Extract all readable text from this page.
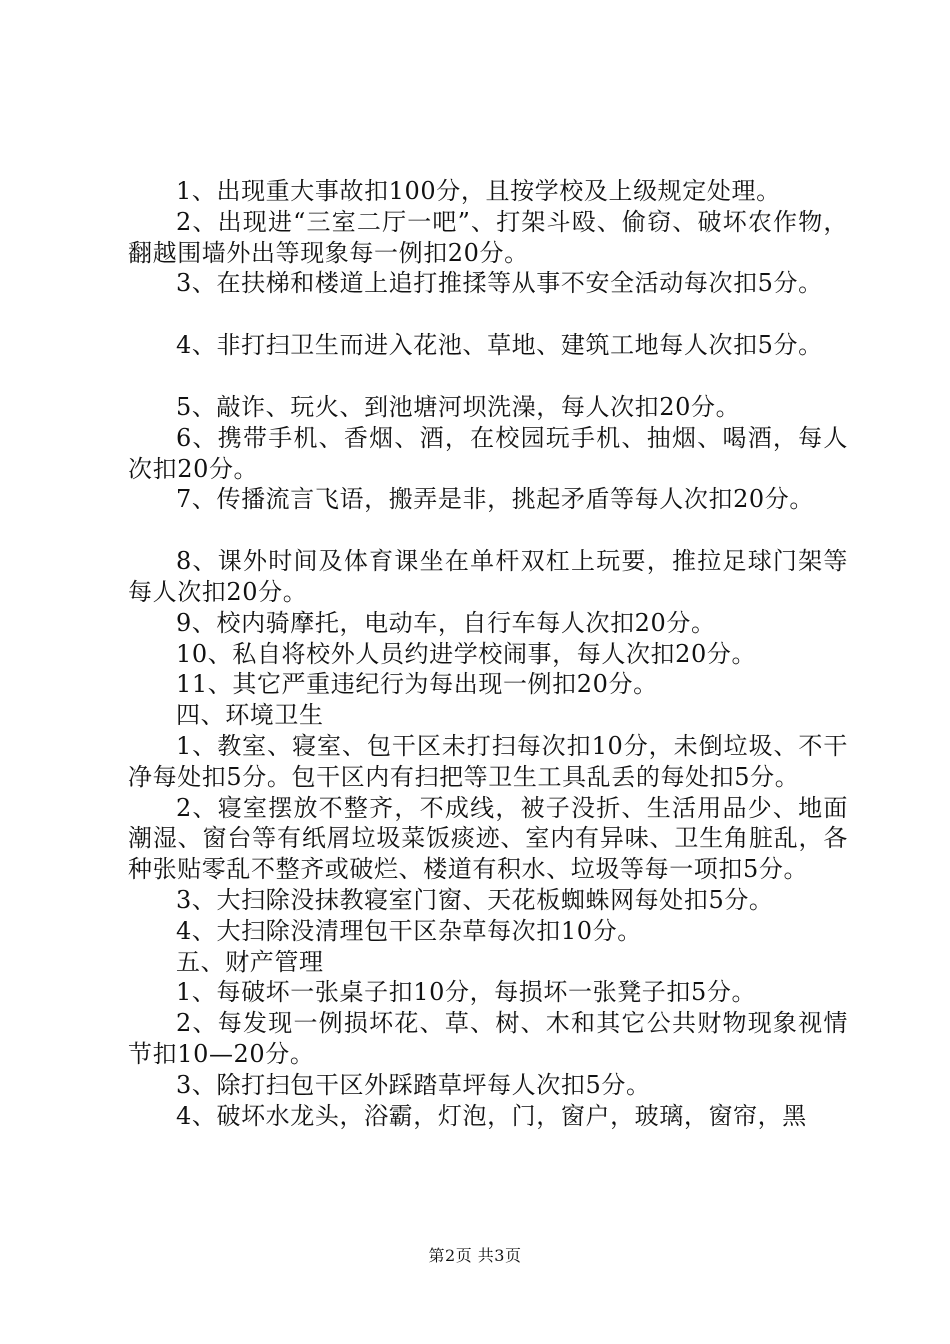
1、出现重大事故扣100分，且按学校及上级规定处理。

2、出现进“三室二厅一吧”、打架斗殴、偷窃、破坏农作物，翻越围墙外出等现象每一例扣20分。

3、在扶梯和楼道上追打推揉等从事不安全活动每次扣5分。

4、非打扫卫生而进入花池、草地、建筑工地每人次扣5分。

5、敲诈、玩火、到池塘河坝洗澡，每人次扣20分。

6、携带手机、香烟、酒，在校园玩手机、抽烟、喝酒，每人次扣20分。

7、传播流言飞语，搬弄是非，挑起矛盾等每人次扣20分。

8、课外时间及体育课坐在单杆双杠上玩要，推拉足球门架等每人次扣20分。

9、校内骑摩托，电动车，自行车每人次扣20分。

10、私自将校外人员约进学校闹事，每人次扣20分。

11、其它严重违纪行为每出现一例扣20分。

四、环境卫生

1、教室、寝室、包干区未打扫每次扣10分，未倒垃圾、不干净每处扣5分。包干区内有扫把等卫生工具乱丢的每处扣5分。

2、寝室摆放不整齐，不成线，被子没折、生活用品少、地面潮湿、窗台等有纸屑垃圾菜饭痰迹、室内有异味、卫生角脏乱，各种张贴零乱不整齐或破烂、楼道有积水、垃圾等每一项扣5分。

3、大扫除没抹教寝室门窗、天花板蜘蛛网每处扣5分。

4、大扫除没清理包干区杂草每次扣10分。

五、财产管理

1、每破坏一张桌子扣10分，每损坏一张凳子扣5分。

2、每发现一例损坏花、草、树、木和其它公共财物现象视情节扣10—20分。

3、除打扫包干区外踩踏草坪每人次扣5分。

4、破坏水龙头，浴霸，灯泡，门，窗户，玻璃，窗帘，黑

第2页 共3页
